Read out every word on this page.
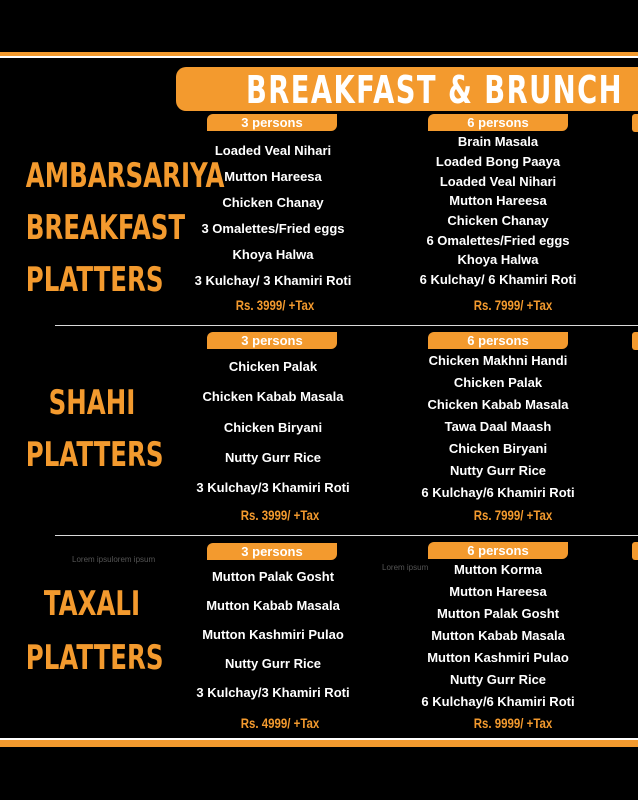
BREAKFAST & BRUNCH
AMBARSARIYA
BREAKFAST
PLATTERS
3 persons
Loaded Veal Nihari
Mutton Hareesa
Chicken Chanay
3 Omalettes/Fried eggs
Khoya Halwa
3 Kulchay/ 3 Khamiri Roti
Rs. 3999/ +Tax
6 persons
Brain Masala
Loaded Bong Paaya
Loaded Veal Nihari
Mutton Hareesa
Chicken Chanay
6 Omalettes/Fried eggs
Khoya Halwa
6 Kulchay/ 6 Khamiri Roti
Rs. 7999/ +Tax
SHAHI
PLATTERS
3 persons
Chicken Palak
Chicken Kabab Masala
Chicken Biryani
Nutty Gurr Rice
3 Kulchay/3 Khamiri Roti
Rs. 3999/ +Tax
6 persons
Chicken Makhni Handi
Chicken Palak
Chicken Kabab Masala
Tawa Daal Maash
Chicken Biryani
Nutty Gurr Rice
6 Kulchay/6 Khamiri Roti
Rs. 7999/ +Tax
Lorem ipsulorem ipsum
Lorem ipsum
TAXALI
PLATTERS
3 persons
Mutton Palak Gosht
Mutton Kabab Masala
Mutton Kashmiri Pulao
Nutty Gurr Rice
3 Kulchay/3 Khamiri Roti
Rs. 4999/ +Tax
6 persons
Mutton Korma
Mutton Hareesa
Mutton Palak Gosht
Mutton Kabab Masala
Mutton Kashmiri Pulao
Nutty Gurr Rice
6 Kulchay/6 Khamiri Roti
Rs. 9999/ +Tax
